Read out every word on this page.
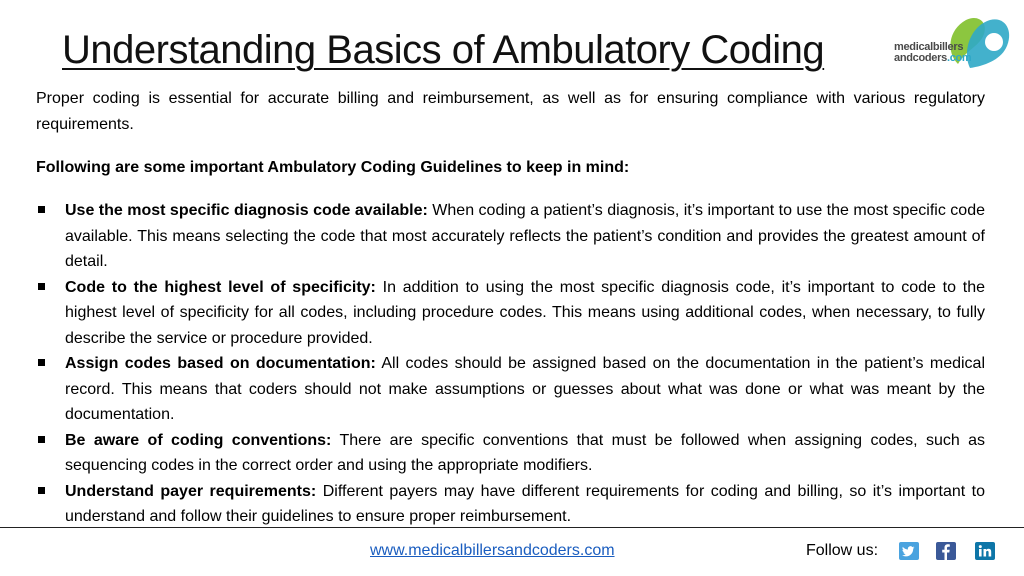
Understanding Basics of Ambulatory Coding	medicalbillers
andcoders.com
Proper coding is essential for accurate billing and reimbursement, as well as for ensuring compliance with various regulatory requirements.
Following are some important Ambulatory Coding Guidelines to keep in mind:
Use the most specific diagnosis code available: When coding a patient’s diagnosis, it’s important to use the most specific code available. This means selecting the code that most accurately reflects the patient’s condition and provides the greatest amount of detail.
Code to the highest level of specificity: In addition to using the most specific diagnosis code, it’s important to code to the highest level of specificity for all codes, including procedure codes. This means using additional codes, when necessary, to fully describe the service or procedure provided.
Assign codes based on documentation: All codes should be assigned based on the documentation in the patient’s medical record. This means that coders should not make assumptions or guesses about what was done or what was meant by the documentation.
Be aware of coding conventions: There are specific conventions that must be followed when assigning codes, such as sequencing codes in the correct order and using the appropriate modifiers.
Understand payer requirements: Different payers may have different requirements for coding and billing, so it’s important to understand and follow their guidelines to ensure proper reimbursement.
www.medicalbillersandcoders.com	Follow us:
